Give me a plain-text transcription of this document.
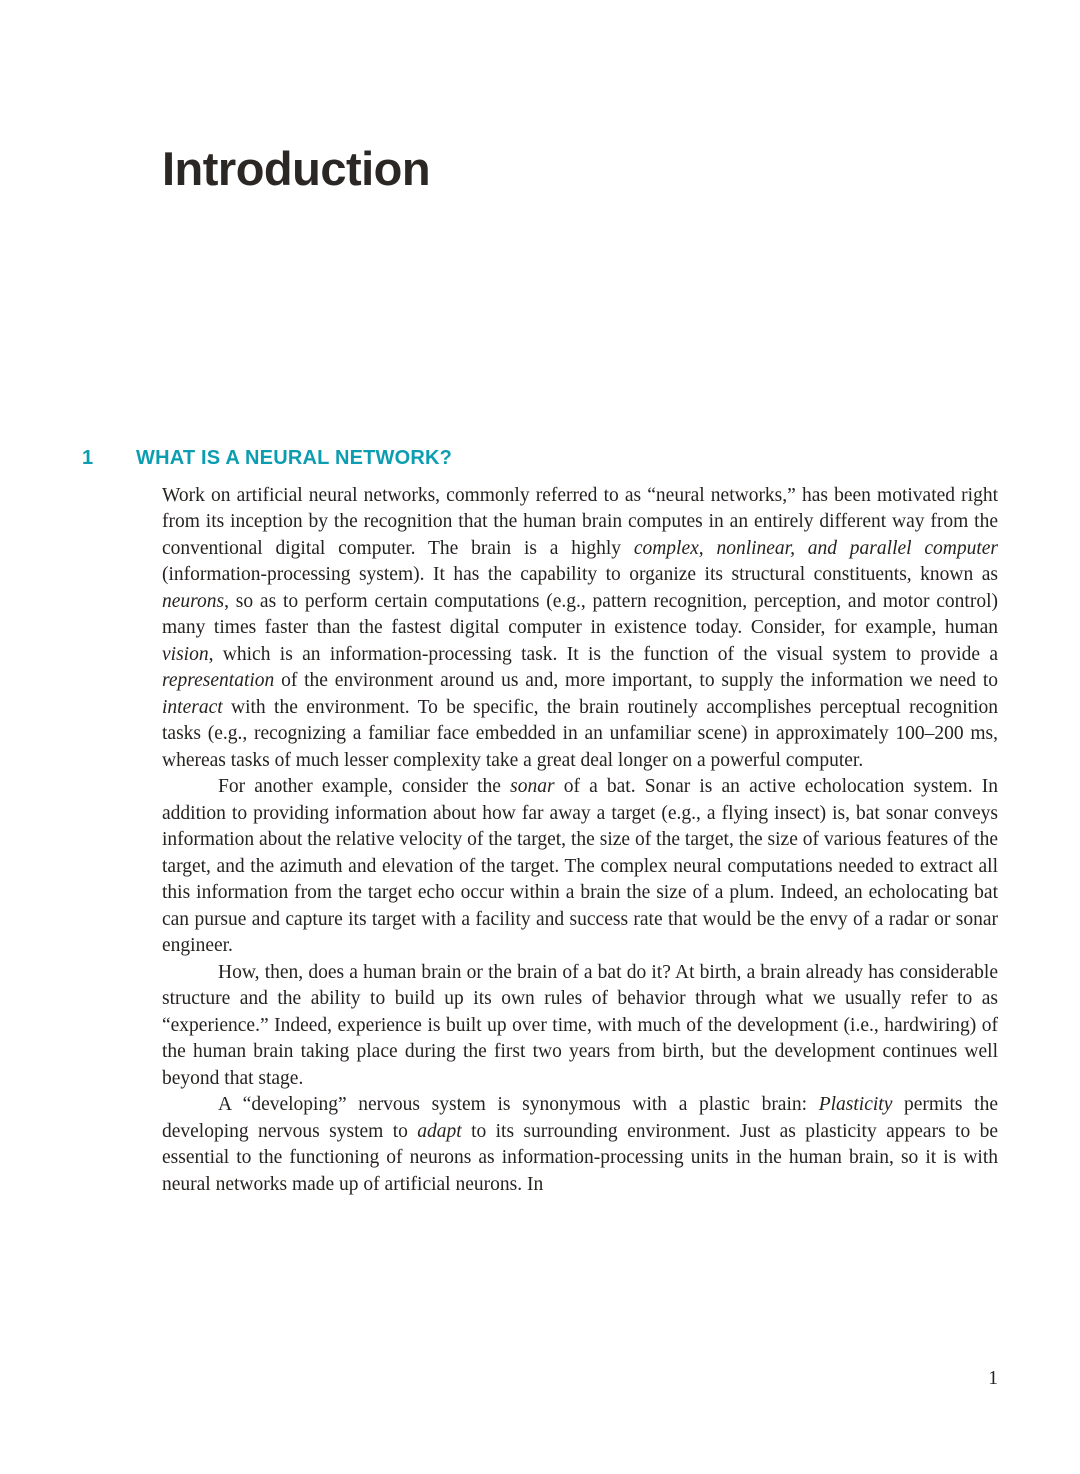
Introduction
1	WHAT IS A NEURAL NETWORK?

Work on artificial neural networks, commonly referred to as “neural networks,” has been motivated right from its inception by the recognition that the human brain computes in an entirely different way from the conventional digital computer. The brain is a highly complex, nonlinear, and parallel computer (information-processing system). It has the capability to organize its structural constituents, known as neurons, so as to perform certain computations (e.g., pattern recognition, perception, and motor control) many times faster than the fastest digital computer in existence today. Consider, for example, human vision, which is an information-processing task. It is the function of the visual system to provide a representation of the environment around us and, more important, to supply the information we need to interact with the environment. To be specific, the brain routinely accomplishes perceptual recognition tasks (e.g., recognizing a familiar face embedded in an unfamiliar scene) in approximately 100–200 ms, whereas tasks of much lesser complexity take a great deal longer on a powerful computer.

For another example, consider the sonar of a bat. Sonar is an active echolocation system. In addition to providing information about how far away a target (e.g., a flying insect) is, bat sonar conveys information about the relative velocity of the target, the size of the target, the size of various features of the target, and the azimuth and elevation of the target. The complex neural computations needed to extract all this information from the target echo occur within a brain the size of a plum. Indeed, an echolocating bat can pursue and capture its target with a facility and success rate that would be the envy of a radar or sonar engineer.

How, then, does a human brain or the brain of a bat do it? At birth, a brain already has considerable structure and the ability to build up its own rules of behavior through what we usually refer to as “experience.” Indeed, experience is built up over time, with much of the development (i.e., hardwiring) of the human brain taking place during the first two years from birth, but the development continues well beyond that stage.

A “developing” nervous system is synonymous with a plastic brain: Plasticity permits the developing nervous system to adapt to its surrounding environment. Just as plasticity appears to be essential to the functioning of neurons as information-processing units in the human brain, so it is with neural networks made up of artificial neurons. In

1
